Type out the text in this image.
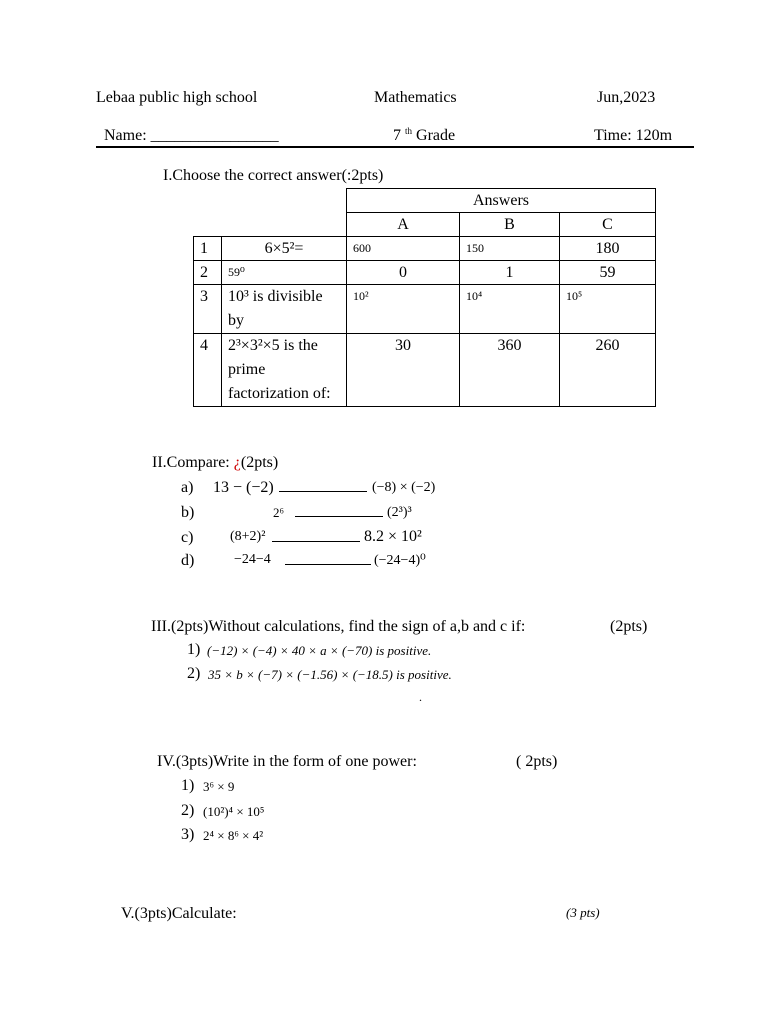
Lebaa public high school	Mathematics	Jun,2023
Name: ________________	7 $^{th}$ Grade	Time: 120m
I.Choose the correct answer(:2pts)
		Answers		
		A	B	C
1	6×5²=	600	150	180
2	59⁰	0	1	59
3	10³ is divisible by	10²	10⁴	10⁵
4	2³×3²×5 is the prime factorization of:	30	360	260
II.Compare: ¿(2pts)
a) 13 − (−2)	(−8) × (−2)
b)	2⁶	(2³)³
c)	(8+2)²	8.2 × 10²
d)	−24−4	(−24−4)⁰
III.(2pts)Without calculations, find the sign of a,b and c if:	(2pts)
1) (−12) × (−4) × 40 × a × (−70) is positive.
2) 35 × b × (−7) × (−1.56) × (−18.5) is positive.
.
IV.(3pts)Write in the form of one power:	( 2pts)
1) 3⁶ × 9
2) (10²)⁴ × 10⁵
3) 2⁴ × 8⁶ × 4²
V.(3pts)Calculate:	(3 pts)
